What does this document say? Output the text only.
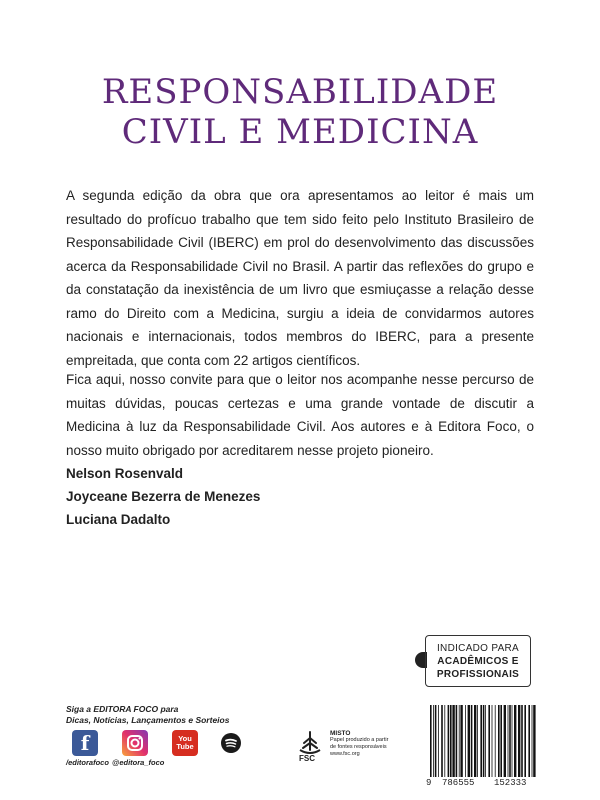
RESPONSABILIDADE
CIVIL E MEDICINA

A segunda edição da obra que ora apresentamos ao leitor é mais um resultado do profícuo trabalho que tem sido feito pelo Instituto Brasileiro de Responsabilidade Civil (IBERC) em prol do desenvolvimento das discussões acerca da Responsabilidade Civil no Brasil. A partir das reflexões do grupo e da constatação da inexistência de um livro que esmiuçasse a relação desse ramo do Direito com a Medicina, surgiu a ideia de convidarmos autores nacionais e internacionais, todos membros do IBERC, para a presente empreitada, que conta com 22 artigos científicos.

Fica aqui, nosso convite para que o leitor nos acompanhe nesse percurso de muitas dúvidas, poucas certezas e uma grande vontade de discutir a Medicina à luz da Responsabilidade Civil. Aos autores e à Editora Foco, o nosso muito obrigado por acreditarem nesse projeto pioneiro.

Nelson Rosenvald
Joyceane Bezerra de Menezes
Luciana Dadalto
INDICADO PARA
ACADÊMICOS E
PROFISSIONAIS
Siga a EDITORA FOCO para
Dicas, Notícias, Lançamentos e Sorteios
f
/editorafoco @editora_foco
You Tube
FSC
MISTO
Papel produzido a partir
de fontes responsáveis
www.fsc.org
9 786555 152333
